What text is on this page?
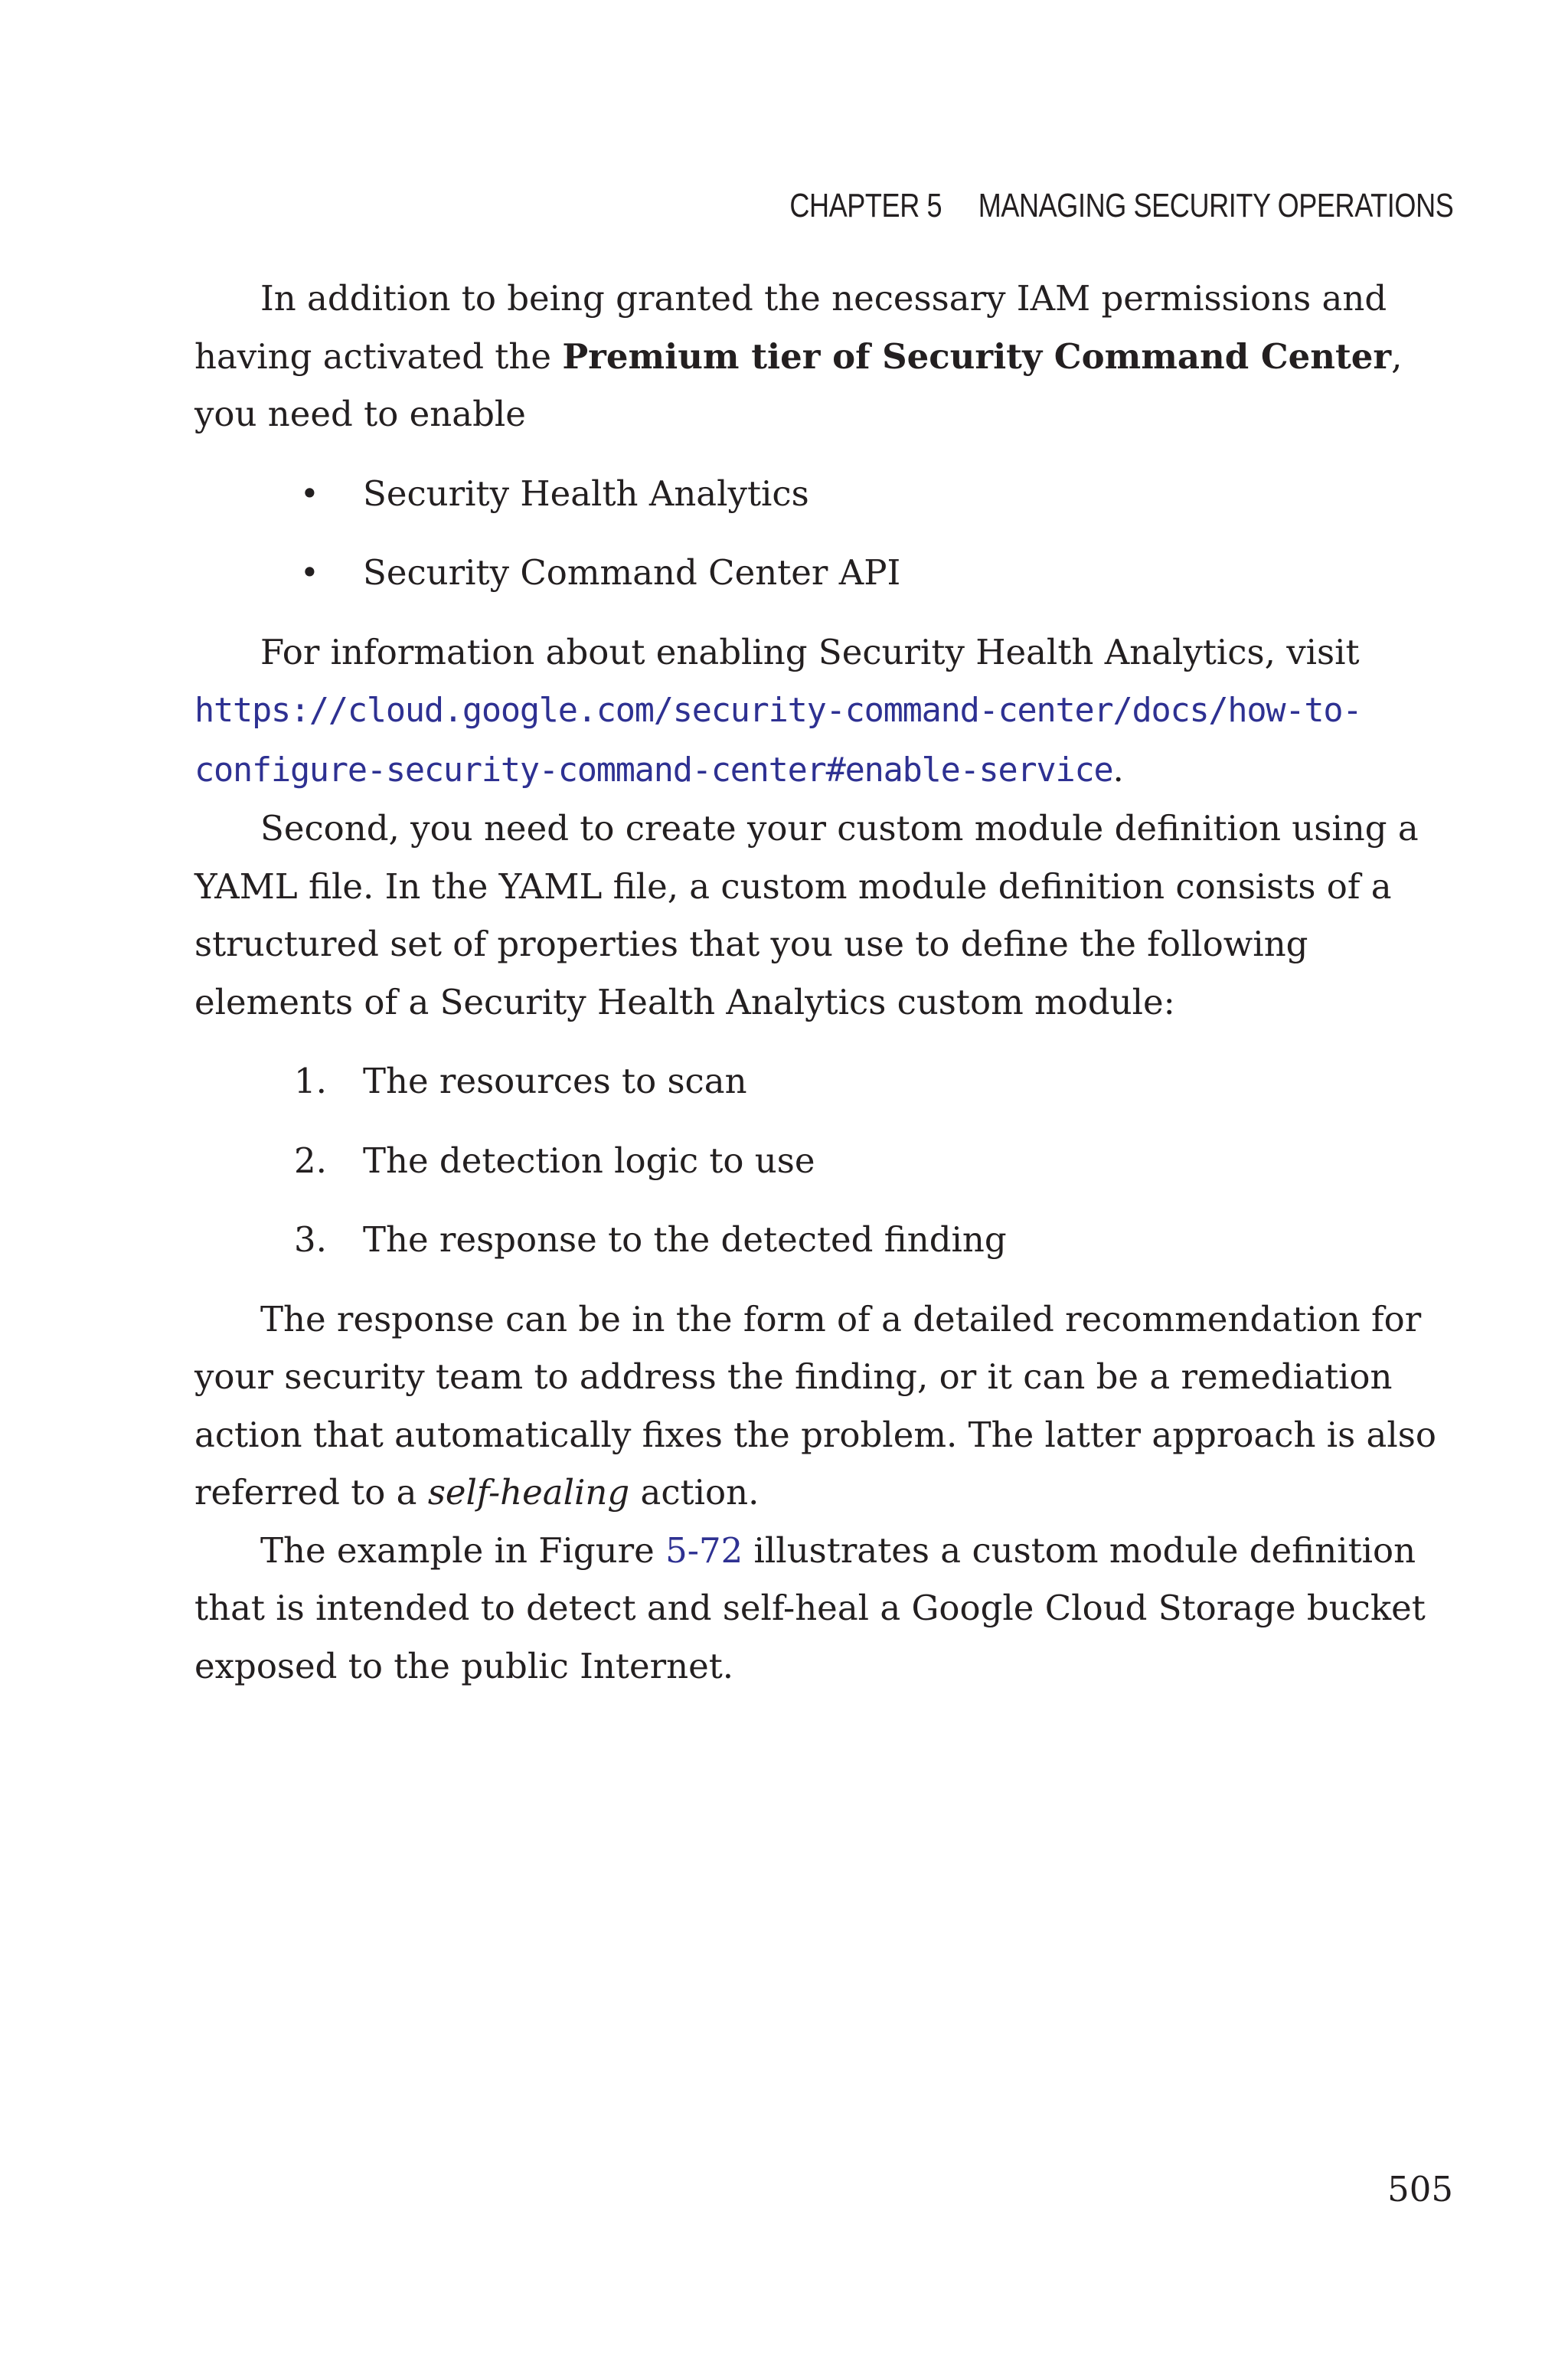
CHAPTER 5 MANAGING SECURITY OPERATIONS

In addition to being granted the necessary IAM permissions and having activated the Premium tier of Security Command Center, you need to enable

• Security Health Analytics
• Security Command Center API

For information about enabling Security Health Analytics, visit https://cloud.google.com/security-command-center/docs/how-to-configure-security-command-center#enable-service.

Second, you need to create your custom module definition using a YAML file. In the YAML file, a custom module definition consists of a structured set of properties that you use to define the following elements of a Security Health Analytics custom module:

1. The resources to scan
2. The detection logic to use
3. The response to the detected finding

The response can be in the form of a detailed recommendation for your security team to address the finding, or it can be a remediation action that automatically fixes the problem. The latter approach is also referred to a self-healing action.

The example in Figure 5-72 illustrates a custom module definition that is intended to detect and self-heal a Google Cloud Storage bucket exposed to the public Internet.

505
